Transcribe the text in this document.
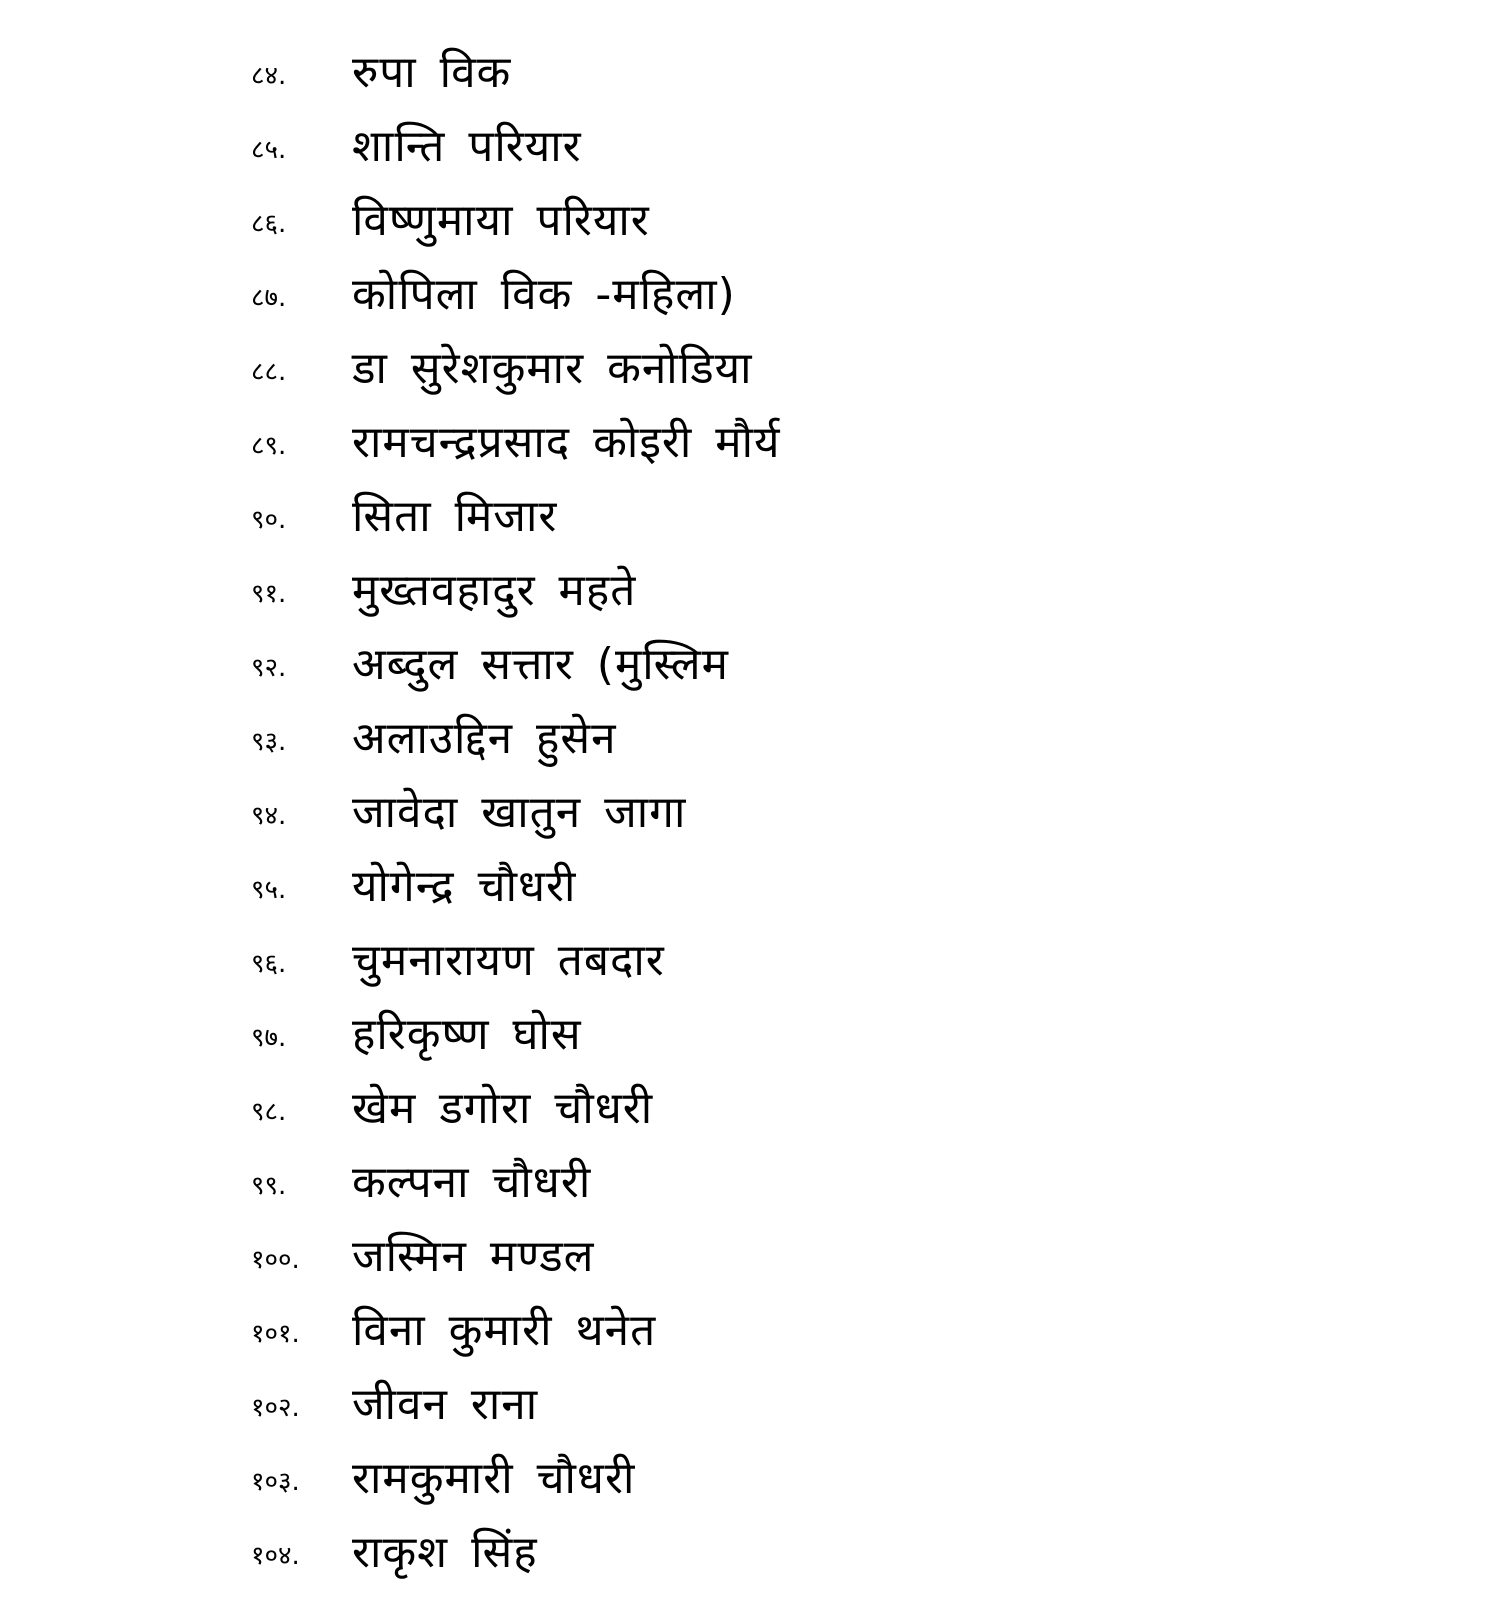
८४.	रुपा विक
८५.	शान्ति परियार
८६.	विष्णुमाया परियार
८७.	कोपिला विक -महिला)
८८.	डा सुरेशकुमार कनोडिया
८९.	रामचन्द्रप्रसाद कोइरी मौर्य
९०.	सिता मिजार
९१.	मुख्तवहादुर महते
९२.	अब्दुल सत्तार (मुस्लिम
९३.	अलाउद्दिन हुसेन
९४.	जावेदा खातुन जागा
९५.	योगेन्द्र चौधरी
९६.	चुमनारायण तबदार
९७.	हरिकृष्ण घोस
९८.	खेम डगोरा चौधरी
९९.	कल्पना चौधरी
१००.	जस्मिन मण्डल
१०१.	विना कुमारी थनेत
१०२.	जीवन राना
१०३.	रामकुमारी चौधरी
१०४.	राकृश सिंह
